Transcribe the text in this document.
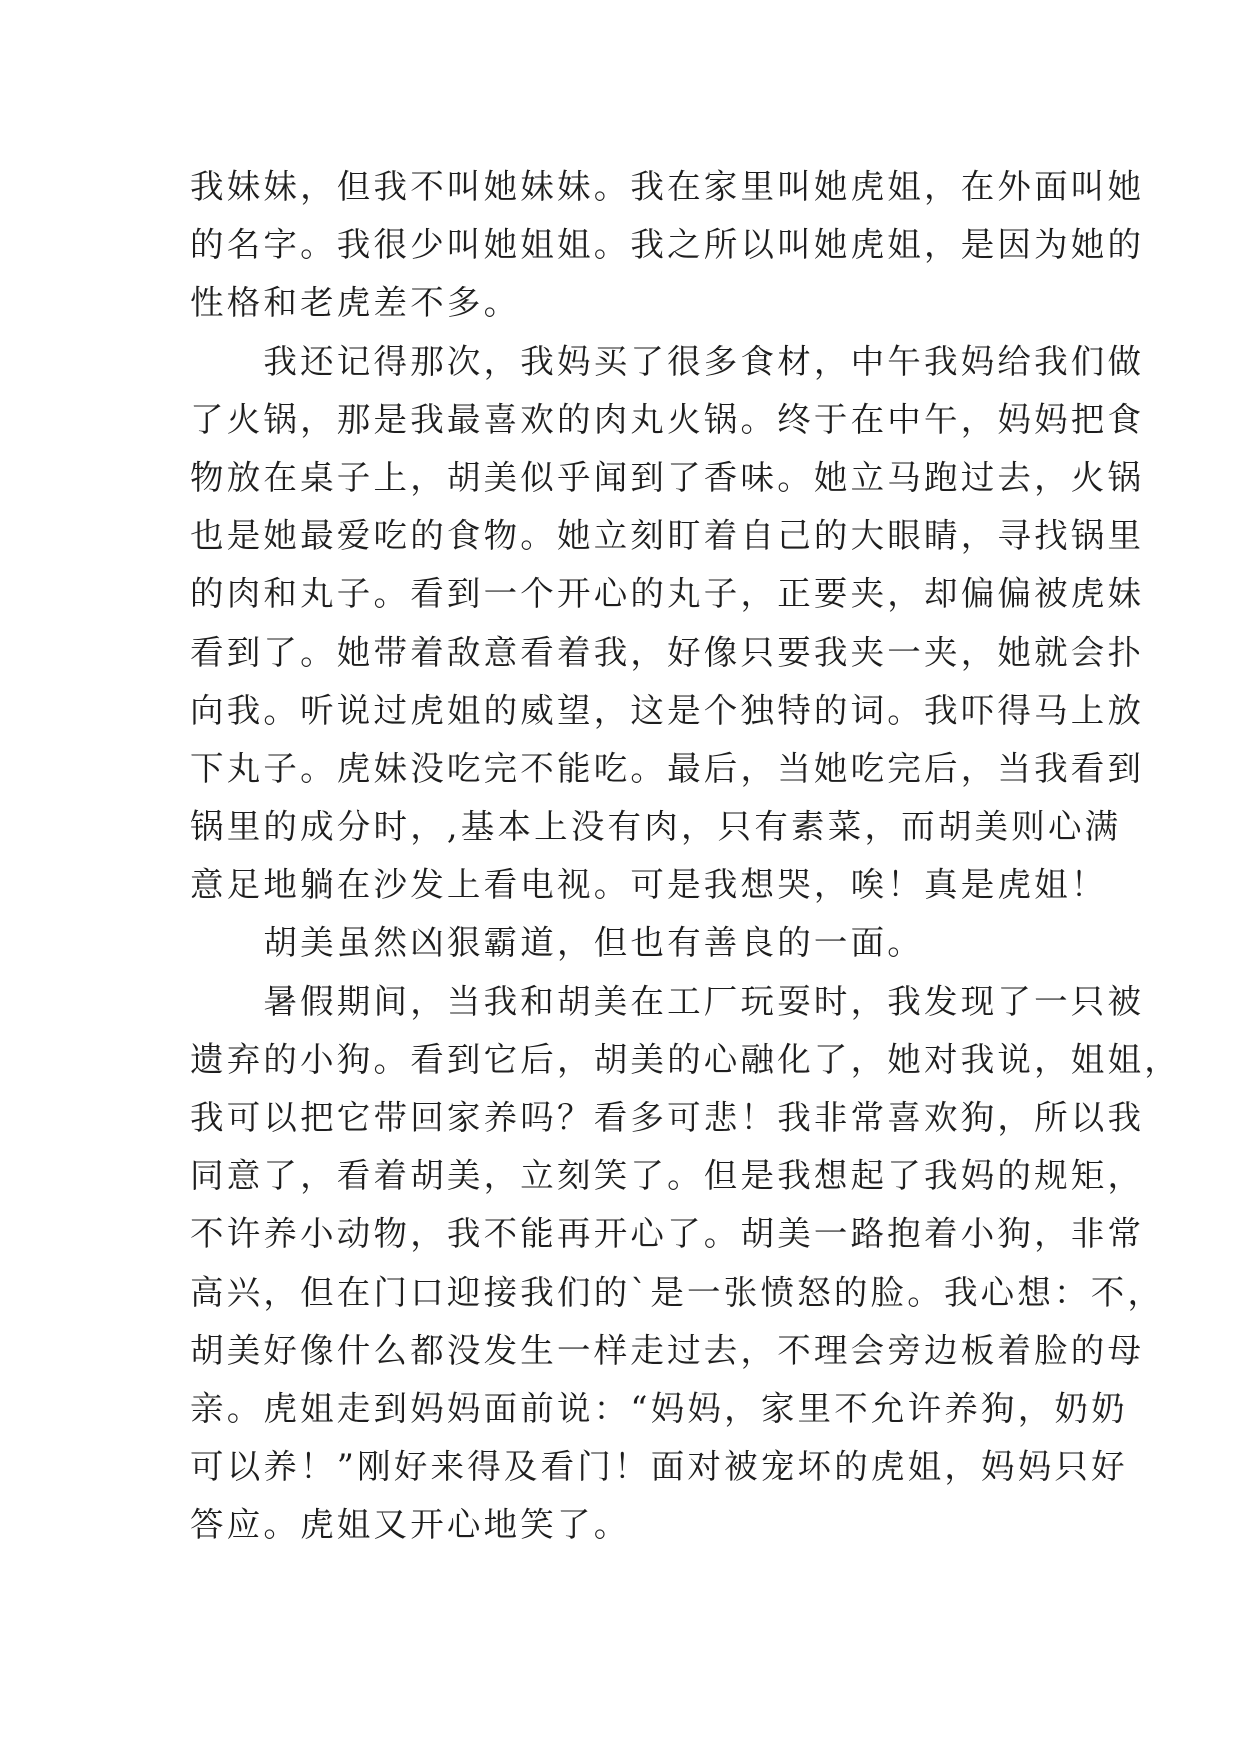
我妹妹，但我不叫她妹妹。我在家里叫她虎姐，在外面叫她
的名字。我很少叫她姐姐。我之所以叫她虎姐，是因为她的
性格和老虎差不多。
　　我还记得那次，我妈买了很多食材，中午我妈给我们做
了火锅，那是我最喜欢的肉丸火锅。终于在中午，妈妈把食
物放在桌子上，胡美似乎闻到了香味。她立马跑过去，火锅
也是她最爱吃的食物。她立刻盯着自己的大眼睛，寻找锅里
的肉和丸子。看到一个开心的丸子，正要夹，却偏偏被虎妹
看到了。她带着敌意看着我，好像只要我夹一夹，她就会扑
向我。听说过虎姐的威望，这是个独特的词。我吓得马上放
下丸子。虎妹没吃完不能吃。最后，当她吃完后，当我看到
锅里的成分时，,基本上没有肉，只有素菜，而胡美则心满
意足地躺在沙发上看电视。可是我想哭，唉！真是虎姐！
　　胡美虽然凶狠霸道，但也有善良的一面。
　　暑假期间，当我和胡美在工厂玩耍时，我发现了一只被
遗弃的小狗。看到它后，胡美的心融化了，她对我说，姐姐，
我可以把它带回家养吗？看多可悲！我非常喜欢狗，所以我
同意了，看着胡美，立刻笑了。但是我想起了我妈的规矩，
不许养小动物，我不能再开心了。胡美一路抱着小狗，非常
高兴，但在门口迎接我们的`是一张愤怒的脸。我心想：不，
胡美好像什么都没发生一样走过去，不理会旁边板着脸的母
亲。虎姐走到妈妈面前说：“妈妈，家里不允许养狗，奶奶
可以养！”刚好来得及看门！面对被宠坏的虎姐，妈妈只好
答应。虎姐又开心地笑了。
